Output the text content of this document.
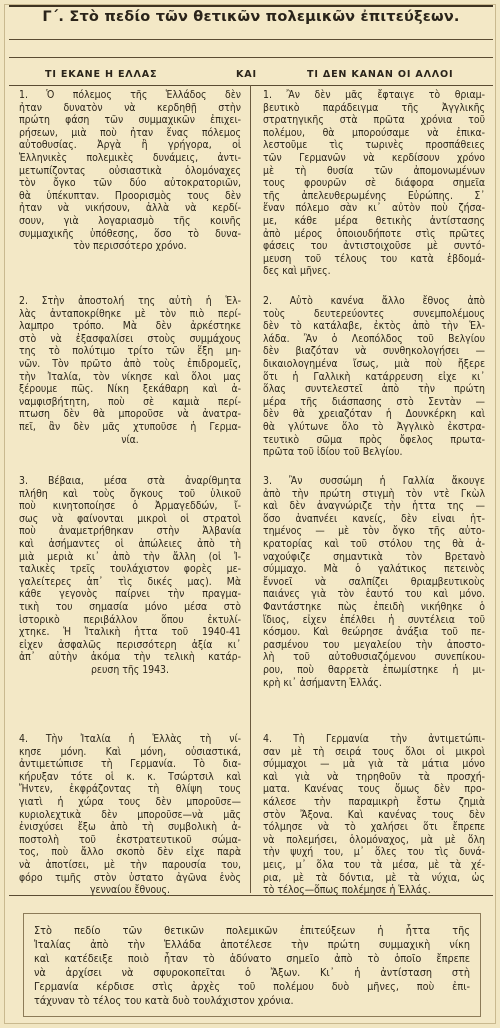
Γ΄. Στὸ πεδίο τῶν θετικῶν πολεμικῶν ἐπιτεύξεων.
ΤΙ ΕΚΑΝΕ Η ΕΛΛΑΣ	ΚΑΙ	ΤΙ ΔΕΝ ΚΑΝΑΝ ΟΙ ΑΛΛΟΙ
1. Ὁ πόλεμος τῆς Ἑλλάδος δὲν
ἦταν δυνατὸν νὰ κερδηθῇ στὴν
πρώτη φάση τῶν συμμαχικῶν ἐπιχει-
ρήσεων, μιὰ ποὺ ἦταν ἕνας πόλεμος
αὐτοθυσίας. Ἀργὰ ἢ γρήγορα, οἱ
Ἑλληνικὲς πολεμικὲς δυνάμεις, ἀντι-
μετωπίζοντας οὐσιαστικὰ ὁλομόναχες
τὸν ὄγκο τῶν δύο αὐτοκρατοριῶν,
θὰ ὑπέκυπταν. Προορισμὸς τους δὲν
ἦταν νὰ νικήσουν, ἀλλὰ νὰ κερδί-
σουν, γιὰ λογαριασμὸ τῆς κοινῆς
συμμαχικῆς ὑπόθεσης, ὅσο τὸ δυνα-
τὸν περισσότερο χρόνο.
2. Στὴν ἀποστολή της αὐτὴ ἡ Ἑλ-
λὰς ἀνταποκρίθηκε μὲ τὸν πιὸ περί-
λαμπρο τρόπο. Μὰ δὲν ἀρκέστηκε
στὸ νὰ ἐξασφαλίσει στοὺς συμμάχους
της τὸ πολύτιμο τρίτο τῶν ἕξη μη-
νῶν. Τὸν πρῶτο ἀπὸ τοὺς ἐπιδρομεῖς,
τὴν Ἰταλία, τὸν νίκησε καὶ ὅλοι μας
ξέρουμε πῶς. Νίκη ξεκάθαρη καὶ ἀ-
ναμφισβήτητη, ποὺ σὲ καμιὰ περί-
πτωση δὲν θὰ μποροῦσε νὰ ἀνατρα-
πεῖ, ἂν δὲν μᾶς χτυποῦσε ἡ Γερμα-
νία.
3. Βέβαια, μέσα στὰ ἀναρίθμητα
πλήθη καὶ τοὺς ὄγκους τοῦ ὑλικοῦ
ποὺ κινητοποίησε ὁ Ἀρμαγεδδών, ἴ-
σως νὰ φαίνονται μικροὶ οἱ στρατοὶ
ποὺ ἀναμετρήθηκαν στὴν Ἀλβανία
καὶ ἀσήμαντες οἱ ἀπώλειες ἀπὸ τὴ
μιὰ μεριὰ κι᾿ ἀπὸ τὴν ἄλλη (οἱ Ἰ-
ταλικὲς τρεῖς τουλάχιστον φορὲς με-
γαλείτερες ἀπ᾿ τὶς δικές μας). Μὰ
κάθε γεγονὸς παίρνει τὴν πραγμα-
τικὴ του σημασία μόνο μέσα στὸ
ἱστορικὸ περιβάλλον ὅπου ἐκτυλί-
χτηκε. Ἡ Ἰταλικὴ ἧττα τοῦ 1940-41
εἶχεν ἀσφαλῶς περισσότερη ἀξία κι᾿
ἀπ᾿ αὐτὴν ἀκόμα τὴν τελικὴ κατάρ-
ρευση τῆς 1943.
4. Τὴν Ἰταλία ἡ Ἑλλὰς τὴ νί-
κησε μόνη. Καὶ μόνη, οὐσιαστικά,
ἀντιμετώπισε τὴ Γερμανία. Τὸ δια-
κήρυξαν τότε οἱ κ. κ. Τσώρτσιλ καὶ
Ἤντεν, ἐκφράζοντας τὴ θλίψη τους
γιατὶ ἡ χώρα τους δὲν μποροῦσε—
κυριολεχτικὰ δὲν μποροῦσε—νὰ μᾶς
ἐνισχύσει ἔξω ἀπὸ τὴ συμβολικὴ ἀ-
ποστολὴ τοῦ ἐκστρατευτικοῦ σώμα-
τος, ποὺ ἄλλο σκοπὸ δὲν εἶχε παρὰ
νὰ ἀποτίσει, μὲ τὴν παρουσία του,
φόρο τιμῆς στὸν ὑστατο ἀγῶνα ἑνὸς
γενναίου ἔθνους.
1. Ἂν δὲν μᾶς ἔφταιγε τὸ θριαμ-
βευτικὸ παράδειγμα τῆς Ἀγγλικῆς
στρατηγικῆς στὰ πρῶτα χρόνια τοῦ
πολέμου, θὰ μπορούσαμε νὰ ἐπικα-
λεστοῦμε τὶς τωρινὲς προσπάθειες
τῶν Γερμανῶν νὰ κερδίσουν χρόνο
μὲ τὴ θυσία τῶν ἀπομονωμένων
τους φρουρῶν σὲ διάφορα σημεῖα
τῆς ἀπελευθερωμένης Εὐρώπης. Σ᾿
ἕναν πόλεμο σὰν κι᾿ αὐτὸν ποὺ ζήσα-
με, κάθε μέρα θετικὴς ἀντίστασης
ἀπὸ μέρος ὁποιουδήποτε στὶς πρῶτες
φάσεις του ἀντιστοιχοῦσε μὲ συντό-
μευση τοῦ τέλους του κατὰ ἑβδομά-
δες καὶ μῆνες.
2. Αὐτὸ κανένα ἄλλο ἔθνος ἀπὸ
τοὺς δευτερεύοντες συνεμπολέμους
δὲν τὸ κατάλαβε, ἐκτὸς ἀπὸ τὴν Ἑλ-
λάδα. Ἂν ὁ Λεοπόλδος τοῦ Βελγίου
δὲν βιαζόταν νὰ συνθηκολογήσει —
δικαιολογημένα ἴσως, μιὰ ποὺ ἤξερε
ὅτι ἡ Γαλλικὴ κατάρρευση εἶχε κι᾿
ὅλας συντελεστεῖ ἀπὸ τὴν πρώτη
μέρα τῆς διάσπασης στὸ Σεντὰν —
δὲν θὰ χρειαζόταν ἡ Δουνκέρκη καὶ
θὰ γλύτωνε ὅλο τὸ Ἀγγλικὸ ἐκστρα-
τευτικὸ σῶμα πρὸς ὄφελος πρωτα-
πρῶτα τοῦ ἰδίου τοῦ Βελγίου.
3. Ἂν συσσώμη ἡ Γαλλία ἄκουγε
ἀπὸ τὴν πρώτη στιγμὴ τὸν ντὲ Γκὼλ
καὶ δὲν ἀναγνώριζε τὴν ἧττα της —
ὅσο ἀναπνέει κανείς, δὲν εἶναι ἡτ-
τημένος — μὲ τὸν ὄγκο τῆς αὐτο-
κρατορίας καὶ τοῦ στόλου της θὰ ἀ-
ναχούφιζε σημαντικὰ τὸν Βρετανὸ
σύμμαχο. Μὰ ὁ γαλάτικος πετεινὸς
ἔννοεῖ νὰ σαλπίζει θριαμβευτικοὺς
παιάνες γιὰ τὸν ἑαυτό του καὶ μόνο.
Φαντάστηκε πὼς ἐπειδὴ νικήθηκε ὁ
ἴδιος, εἶχεν ἐπέλθει ἡ συντέλεια τοῦ
κόσμου. Καὶ θεώρησε ἀνάξια τοῦ πε-
ρασμένου του μεγαλείου τὴν ἀποστο-
λὴ τοῦ αὐτοθυσιαζόμενου συνεπίκου-
ρου, ποὺ θαρρετὰ ἐπωμίστηκε ἡ μι-
κρὴ κι᾿ ἀσήμαντη Ἑλλάς.
4. Τὴ Γερμανία τὴν ἀντιμετώπι-
σαν μὲ τὴ σειρά τους ὅλοι οἱ μικροὶ
σύμμαχοι — μὰ γιὰ τὰ μάτια μόνο
καὶ γιὰ νὰ τηρηθοῦν τὰ προσχή-
ματα. Κανένας τους ὅμως δὲν προ-
κάλεσε τὴν παραμικρὴ ἔστω ζημιὰ
στὸν Ἄξονα. Καὶ κανένας τους δὲν
τόλμησε νὰ τὸ χαλήσει ὅτι ἔπρεπε
νὰ πολεμήσει, ὁλομόναχος, μὰ μὲ ὅλη
τὴν ψυχή του, μ᾿ ὅλες του τὶς δυνά-
μεις, μ᾿ ὅλα του τὰ μέσα, μὲ τὰ χέ-
ρια, μὲ τὰ δόντια, μὲ τὰ νύχια, ὡς
τὸ τέλος—ὅπως πολέμησε ἡ Ἑλλάς.
Στὸ πεδίο τῶν θετικῶν πολεμικῶν ἐπιτεύξεων ἡ ἧττα τῆς
Ἰταλίας ἀπὸ τὴν Ἑλλάδα ἀποτέλεσε τὴν πρώτη συμμαχικὴ νίκη
καὶ κατέδειξε ποιὸ ἦταν τὸ ἀδύνατο σημεῖο ἀπὸ τὸ ὁποῖο ἔπρεπε
νὰ ἀρχίσει νὰ σφυροκοπεῖται ὁ Ἄξων. Κι᾿ ἡ ἀντίσταση στὴ
Γερμανία κέρδισε στὶς ἀρχὲς τοῦ πολέμου δυὸ μῆνες, ποὺ ἐπι-
τάχυναν τὸ τέλος του κατὰ δυὸ τουλάχιστον χρόνια.
